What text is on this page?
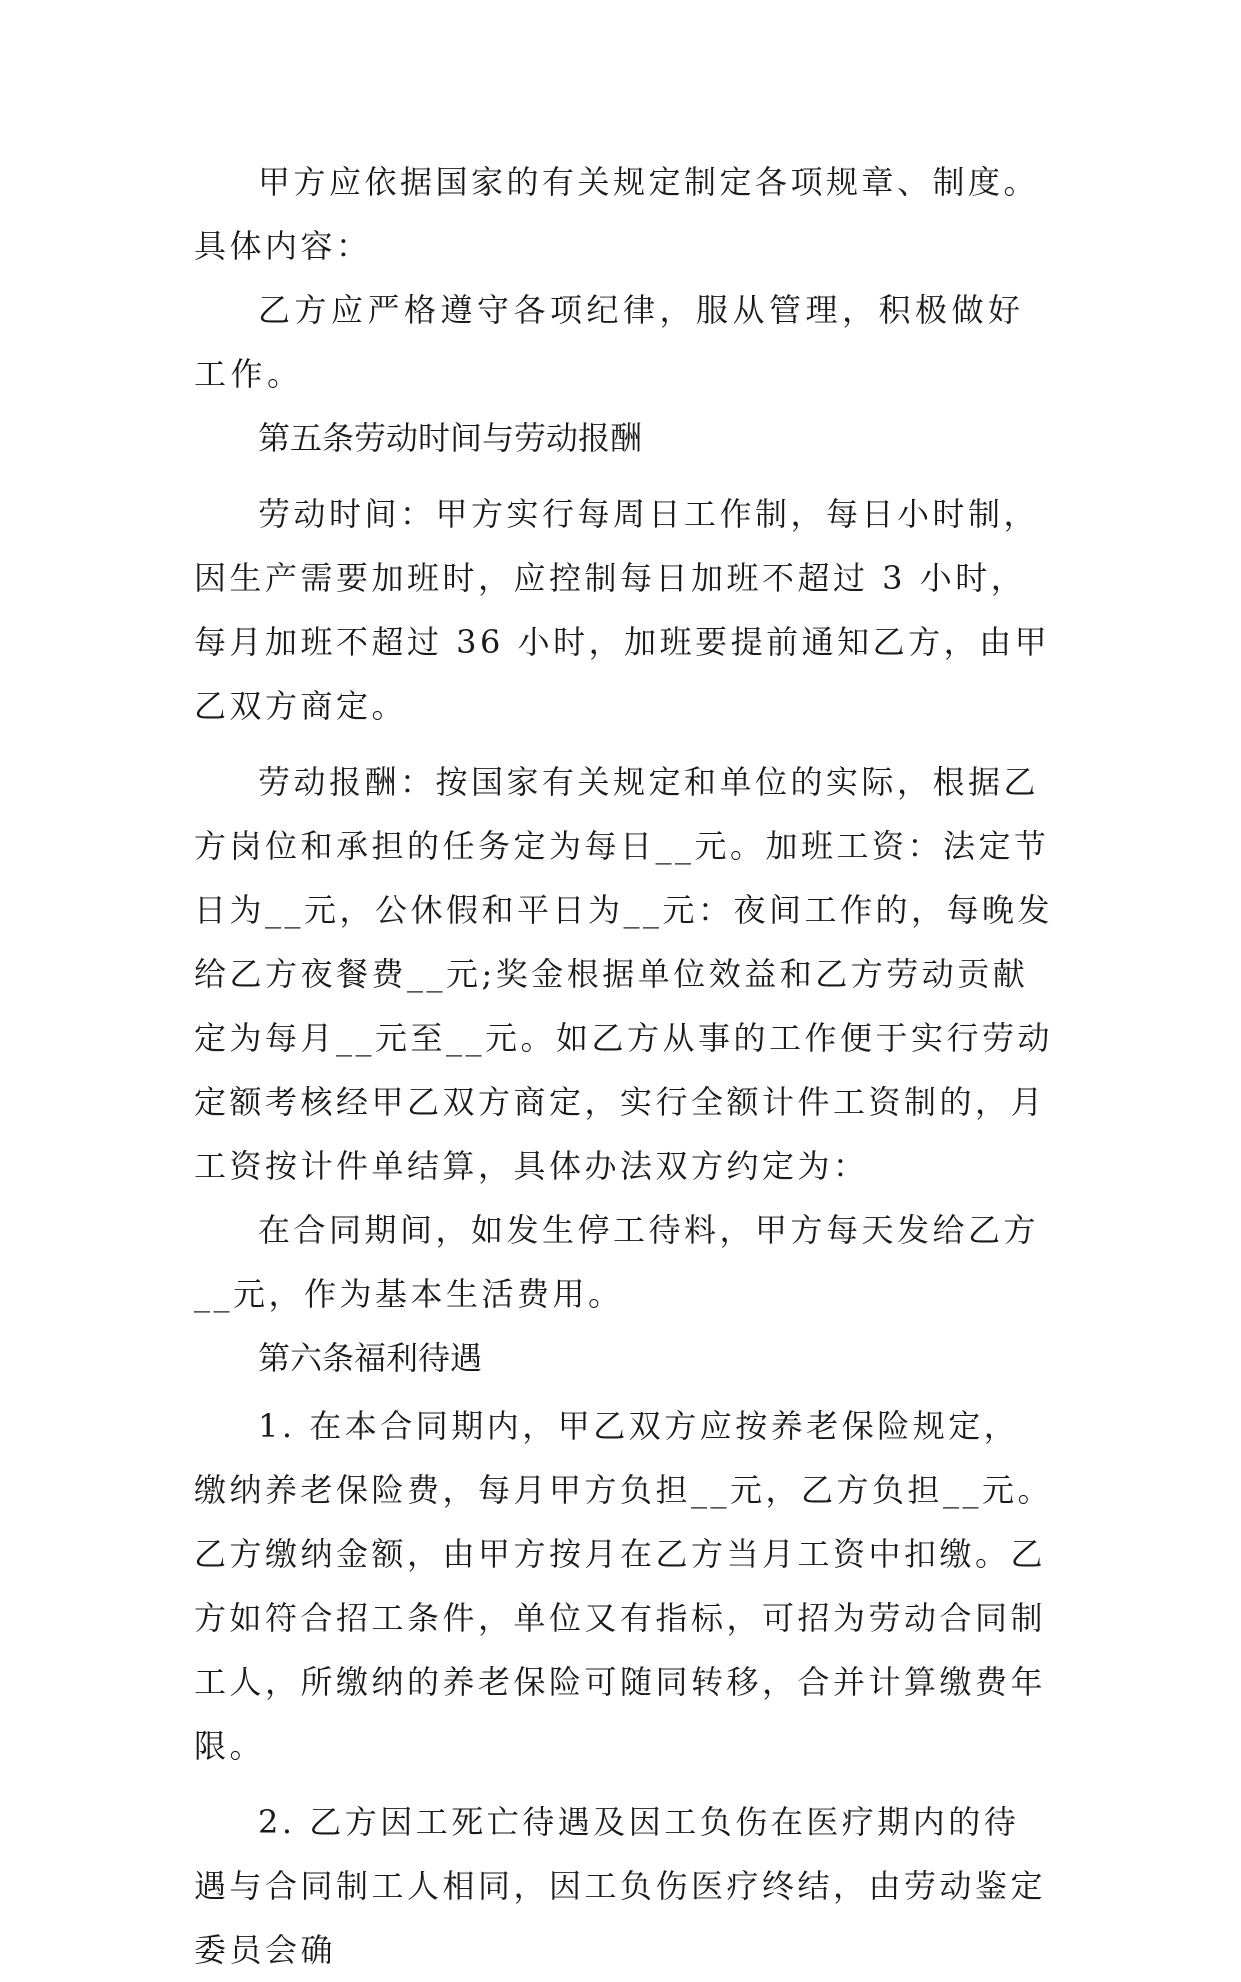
甲方应依据国家的有关规定制定各项规章、制度。具体内容：

乙方应严格遵守各项纪律，服从管理，积极做好工作。

第五条劳动时间与劳动报酬

劳动时间：甲方实行每周日工作制，每日小时制，因生产需要加班时，应控制每日加班不超过 3 小时，每月加班不超过 36 小时，加班要提前通知乙方，由甲乙双方商定。

劳动报酬：按国家有关规定和单位的实际，根据乙方岗位和承担的任务定为每日__元。加班工资：法定节日为__元，公休假和平日为__元：夜间工作的，每晚发给乙方夜餐费__元;奖金根据单位效益和乙方劳动贡献定为每月__元至__元。如乙方从事的工作便于实行劳动定额考核经甲乙双方商定，实行全额计件工资制的，月工资按计件单结算，具体办法双方约定为：

在合同期间，如发生停工待料，甲方每天发给乙方__元，作为基本生活费用。

第六条福利待遇

1. 在本合同期内，甲乙双方应按养老保险规定，缴纳养老保险费，每月甲方负担__元，乙方负担__元。乙方缴纳金额，由甲方按月在乙方当月工资中扣缴。乙方如符合招工条件，单位又有指标，可招为劳动合同制工人，所缴纳的养老保险可随同转移，合并计算缴费年限。

2. 乙方因工死亡待遇及因工负伤在医疗期内的待遇与合同制工人相同，因工负伤医疗终结，由劳动鉴定委员会确
